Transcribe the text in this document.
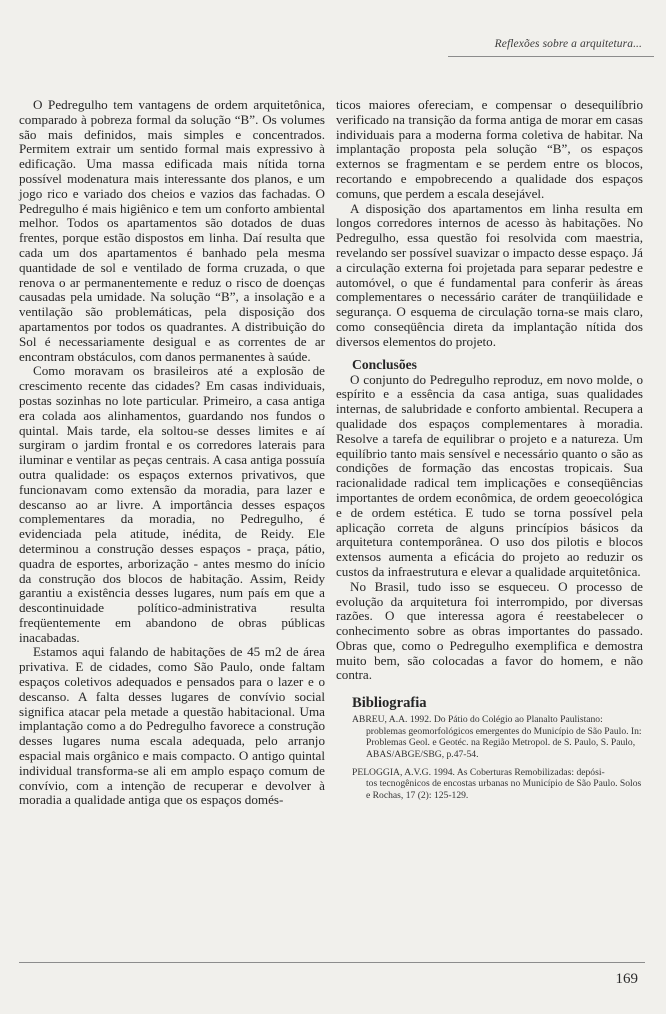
Reflexões sobre a arquitetura...

O Pedregulho tem vantagens de ordem arquitetônica, comparado à pobreza formal da solução “B”. Os volumes são mais definidos, mais simples e concentrados. Permitem extrair um sentido formal mais expressivo à edificação. Uma massa edificada mais nítida torna possível modenatura mais interessante dos planos, e um jogo rico e variado dos cheios e vazios das fachadas. O Pedregulho é mais higiênico e tem um conforto ambiental melhor. Todos os apartamentos são dotados de duas frentes, porque estão dispostos em linha. Daí resulta que cada um dos apartamentos é banhado pela mesma quantidade de sol e ventilado de forma cruzada, o que renova o ar permanentemente e reduz o risco de doenças causadas pela umidade. Na solução “B”, a insolação e a ventilação são problemáticas, pela disposição dos apartamentos por todos os quadrantes. A distribuição do Sol é necessariamente desigual e as correntes de ar encontram obstáculos, com danos permanentes à saúde.

Como moravam os brasileiros até a explosão de crescimento recente das cidades? Em casas individuais, postas sozinhas no lote particular. Primeiro, a casa antiga era colada aos alinhamentos, guardando nos fundos o quintal. Mais tarde, ela soltou-se desses limites e aí surgiram o jardim frontal e os corredores laterais para iluminar e ventilar as peças centrais. A casa antiga possuía outra qualidade: os espaços externos privativos, que funcionavam como extensão da moradia, para lazer e descanso ao ar livre. A importância desses espaços complementares da moradia, no Pedregulho, é evidenciada pela atitude, inédita, de Reidy. Ele determinou a construção desses espaços - praça, pátio, quadra de esportes, arborização - antes mesmo do início da construção dos blocos de habitação. Assim, Reidy garantiu a existência desses lugares, num país em que a descontinuidade político-administrativa resulta freqüentemente em abandono de obras públicas inacabadas.

Estamos aqui falando de habitações de 45 m2 de área privativa. E de cidades, como São Paulo, onde faltam espaços coletivos adequados e pensados para o lazer e o descanso. A falta desses lugares de convívio social significa atacar pela metade a questão habitacional. Uma implantação como a do Pedregulho favorece a construção desses lugares numa escala adequada, pelo arranjo espacial mais orgânico e mais compacto. O antigo quintal individual transforma-se ali em amplo espaço comum de convívio, com a intenção de recuperar e devolver à moradia a qualidade antiga que os espaços domés-

ticos maiores ofereciam, e compensar o desequilíbrio verificado na transição da forma antiga de morar em casas individuais para a moderna forma coletiva de habitar. Na implantação proposta pela solução “B”, os espaços externos se fragmentam e se perdem entre os blocos, recortando e empobrecendo a qualidade dos espaços comuns, que perdem a escala desejável.

A disposição dos apartamentos em linha resulta em longos corredores internos de acesso às habitações. No Pedregulho, essa questão foi resolvida com maestria, revelando ser possível suavizar o impacto desse espaço. Já a circulação externa foi projetada para separar pedestre e automóvel, o que é fundamental para conferir às áreas complementares o necessário caráter de tranqüilidade e segurança. O esquema de circulação torna-se mais claro, como conseqüência direta da implantação nítida dos diversos elementos do projeto.

Conclusões

O conjunto do Pedregulho reproduz, em novo molde, o espírito e a essência da casa antiga, suas qualidades internas, de salubridade e conforto ambiental. Recupera a qualidade dos espaços complementares à moradia. Resolve a tarefa de equilibrar o projeto e a natureza. Um equilíbrio tanto mais sensível e necessário quanto o são as condições de formação das encostas tropicais. Sua racionalidade radical tem implicações e conseqüências importantes de ordem econômica, de ordem geoecológica e de ordem estética. E tudo se torna possível pela aplicação correta de alguns princípios básicos da arquitetura contemporânea. O uso dos pilotis e blocos extensos aumenta a eficácia do projeto ao reduzir os custos da infraestrutura e elevar a qualidade arquitetônica.

No Brasil, tudo isso se esqueceu. O processo de evolução da arquitetura foi interrompido, por diversas razões. O que interessa agora é reestabelecer o conhecimento sobre as obras importantes do passado. Obras que, como o Pedregulho exemplifica e demostra muito bem, são colocadas a favor do homem, e não contra.

Bibliografia
ABREU, A.A. 1992. Do Pátio do Colégio ao Planalto Paulistano:
problemas geomorfológicos emergentes do Município de São Paulo. In: Problemas Geol. e Geotéc. na Região Metropol. de S. Paulo, S. Paulo, ABAS/ABGE/SBG, p.47-54.
PELOGGIA, A.V.G. 1994. As Coberturas Remobilizadas: depósi-
tos tecnogênicos de encostas urbanas no Município de São Paulo. Solos e Rochas, 17 (2): 125-129.
169
